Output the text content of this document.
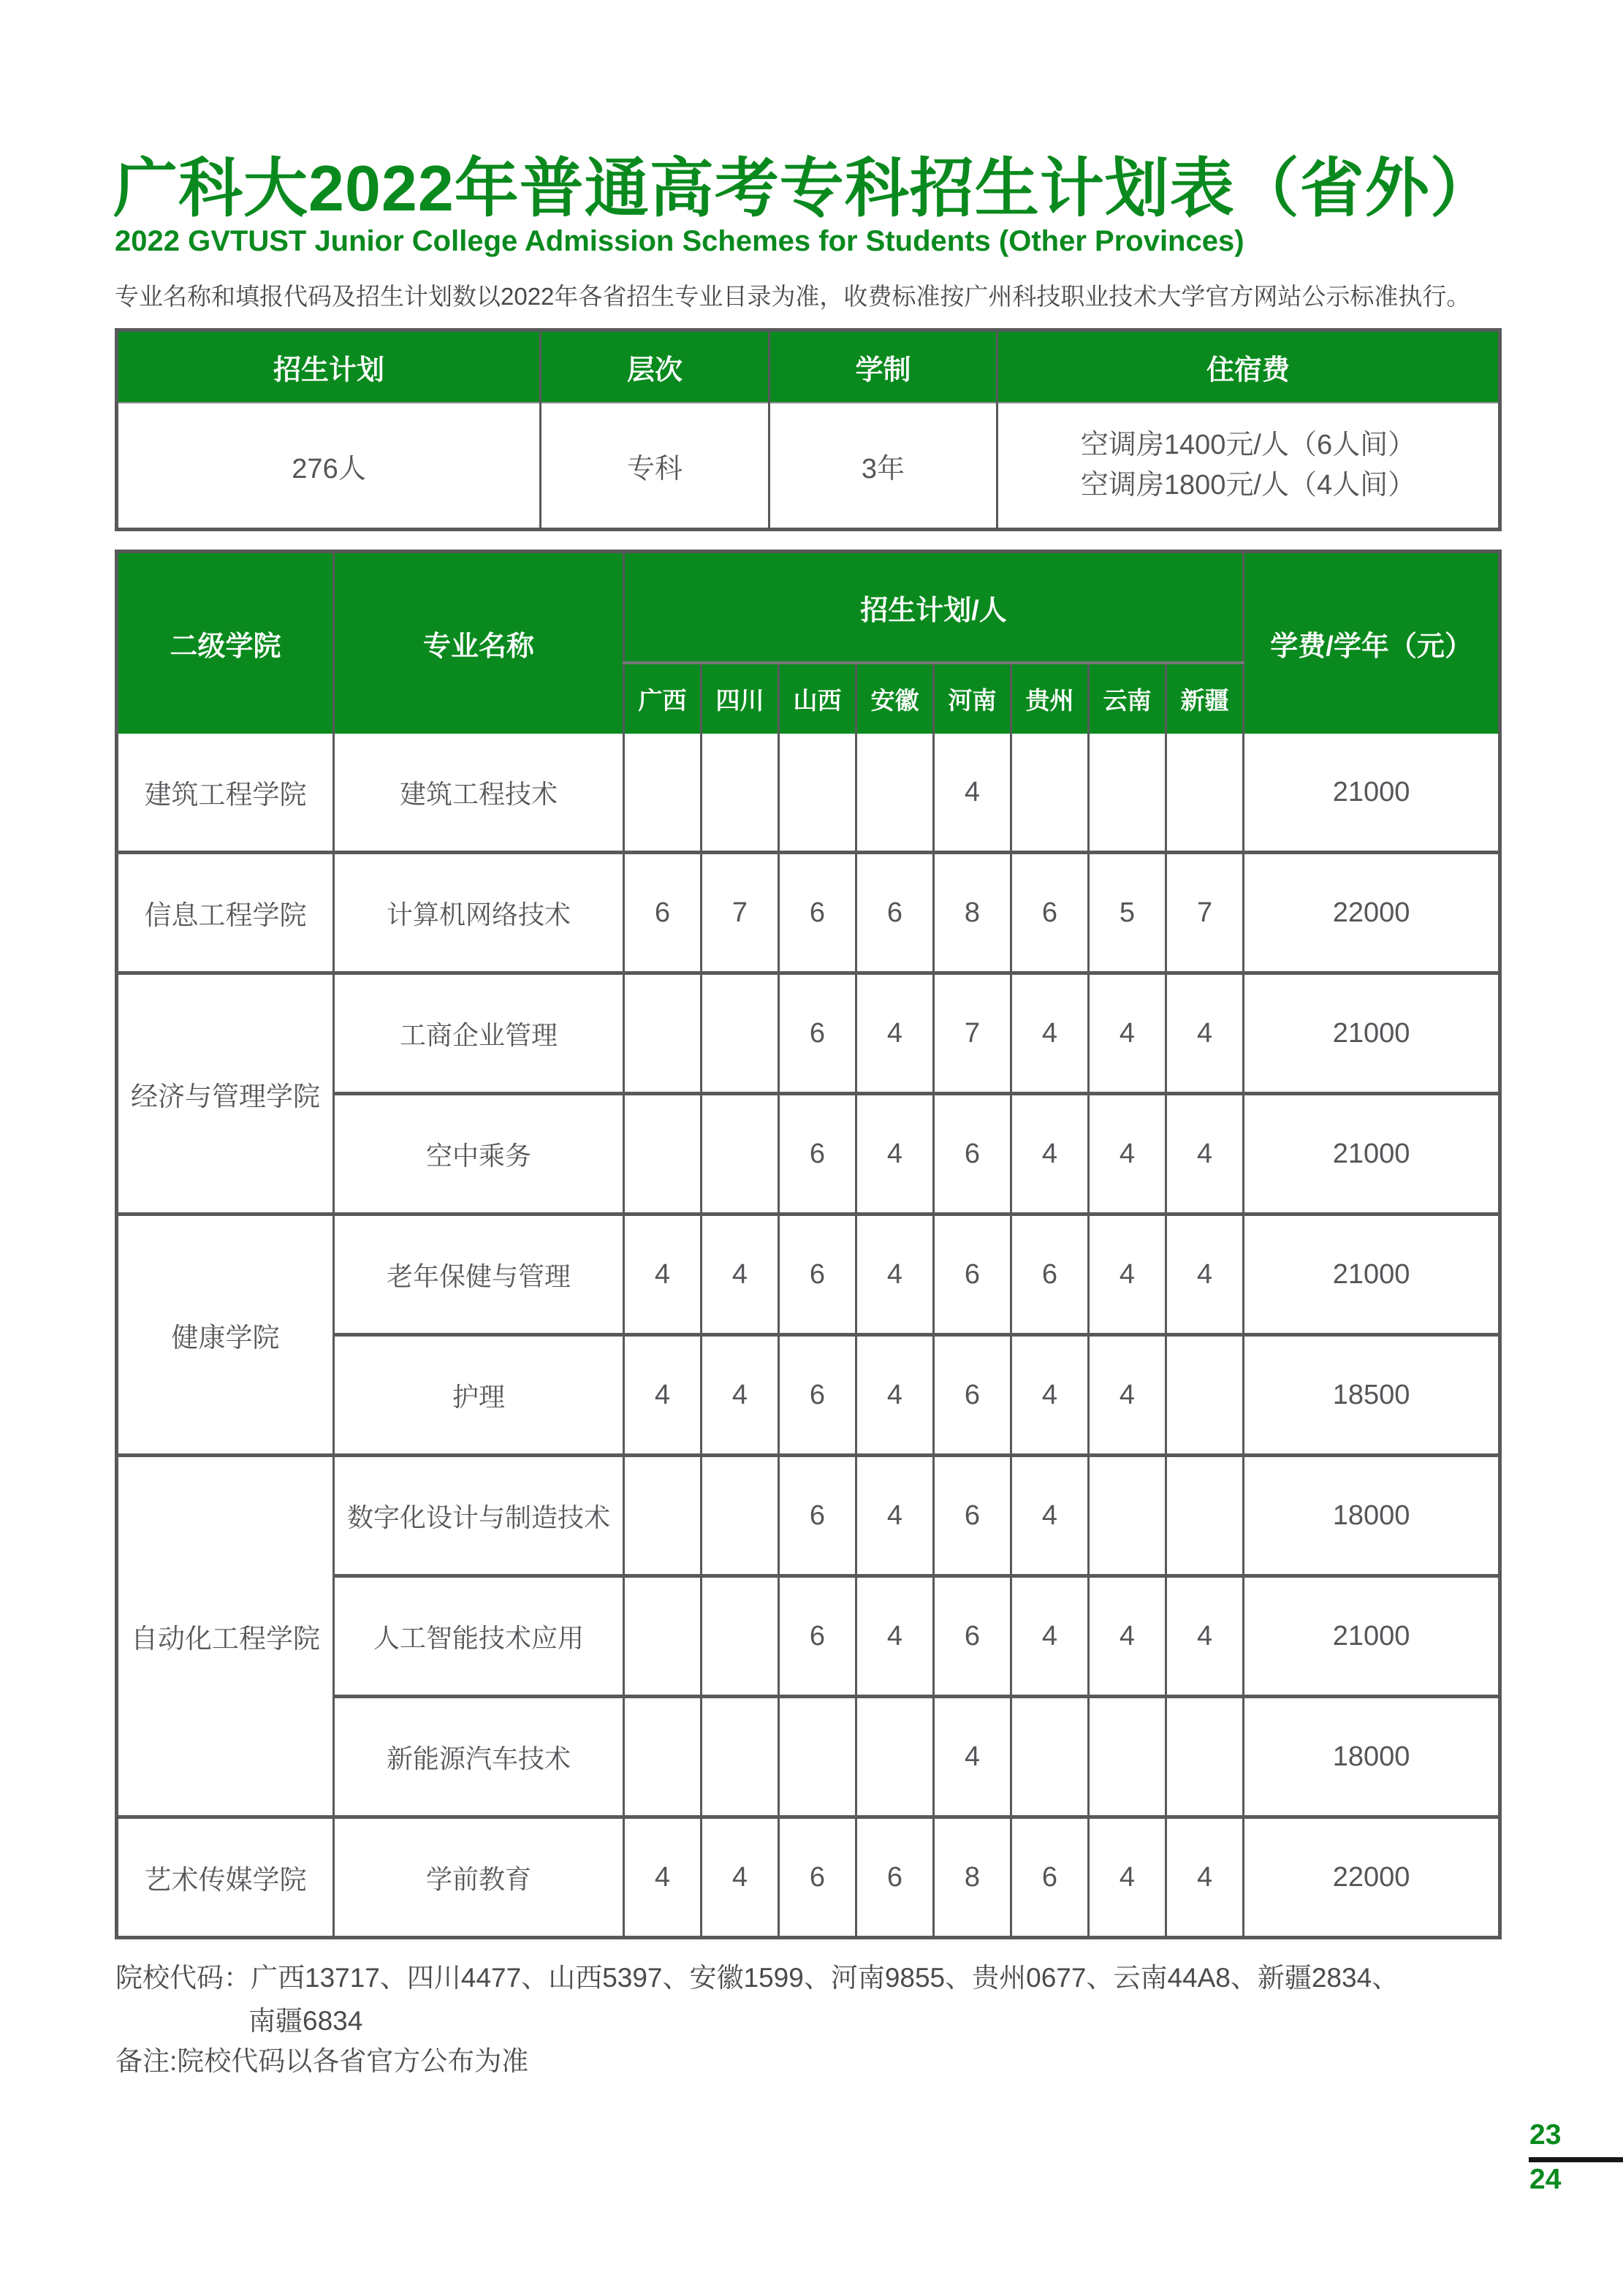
广科大2022年普通高考专科招生计划表（省外）
2022 GVTUST Junior College Admission Schemes for Students (Other Provinces)
专业名称和填报代码及招生计划数以2022年各省招生专业目录为准，收费标准按广州科技职业技术大学官方网站公示标准执行。
招生计划	层次	学制	住宿费
276人	专科	3年	空调房1400元/人（6人间）
空调房1800元/人（4人间）
二级学院	专业名称	招生计划/人								学费/学年（元）
		广西	四川	山西	安徽	河南	贵州	云南	新疆	
建筑工程学院	建筑工程技术					4				21000
信息工程学院	计算机网络技术	6	7	6	6	8	6	5	7	22000
经济与管理学院	工商企业管理			6	4	7	4	4	4	21000
	空中乘务			6	4	6	4	4	4	21000
健康学院	老年保健与管理	4	4	6	4	6	6	4	4	21000
	护理	4	4	6	4	6	4	4		18500
自动化工程学院	数字化设计与制造技术			6	4	6	4			18000
	人工智能技术应用			6	4	6	4	4	4	21000
	新能源汽车技术					4				18000
艺术传媒学院	学前教育	4	4	6	6	8	6	4	4	22000
院校代码：广西13717、四川4477、山西5397、安徽1599、河南9855、贵州0677、云南44A8、新疆2834、
南疆6834
备注:院校代码以各省官方公布为准
23
24
